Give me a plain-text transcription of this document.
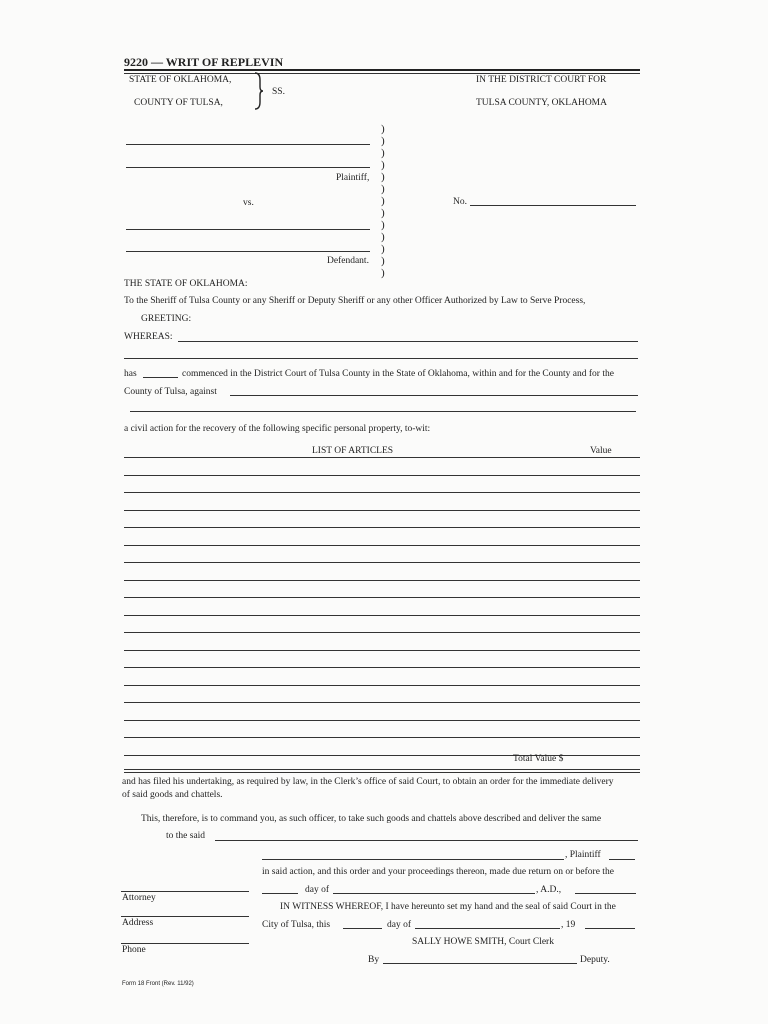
9220 — WRIT OF REPLEVIN
STATE OF OKLAHOMA,
COUNTY OF TULSA,
SS.
IN THE DISTRICT COURT FOR
TULSA COUNTY, OKLAHOMA
Plaintiff,
vs.
Defendant.
)
)
)
)
)
)
)
)
)
)
)
)
)
No.
THE STATE OF OKLAHOMA:
To the Sheriff of Tulsa County or any Sheriff or Deputy Sheriff or any other Officer Authorized by Law to Serve Process,
GREETING:
WHEREAS:
has	commenced in the District Court of Tulsa County in the State of Oklahoma, within and for the County and for the
County of Tulsa, against
a civil action for the recovery of the following specific personal property, to-wit:
LIST OF ARTICLES	Value
Total Value $
and has filed his undertaking, as required by law, in the Clerk’s office of said Court, to obtain an order for the immediate delivery
of said goods and chattels.
This, therefore, is to command you, as such officer, to take such goods and chattels above described and deliver the same
to the said
, Plaintiff
in said action, and this order and your proceedings thereon, made due return on or before the
day of	, A.D.,
IN WITNESS WHEREOF, I have hereunto set my hand and the seal of said Court in the
City of Tulsa, this	day of	, 19
SALLY HOWE SMITH, Court Clerk
By	Deputy.
Attorney
Address
Phone
Form 18 Front (Rev. 11/92)
